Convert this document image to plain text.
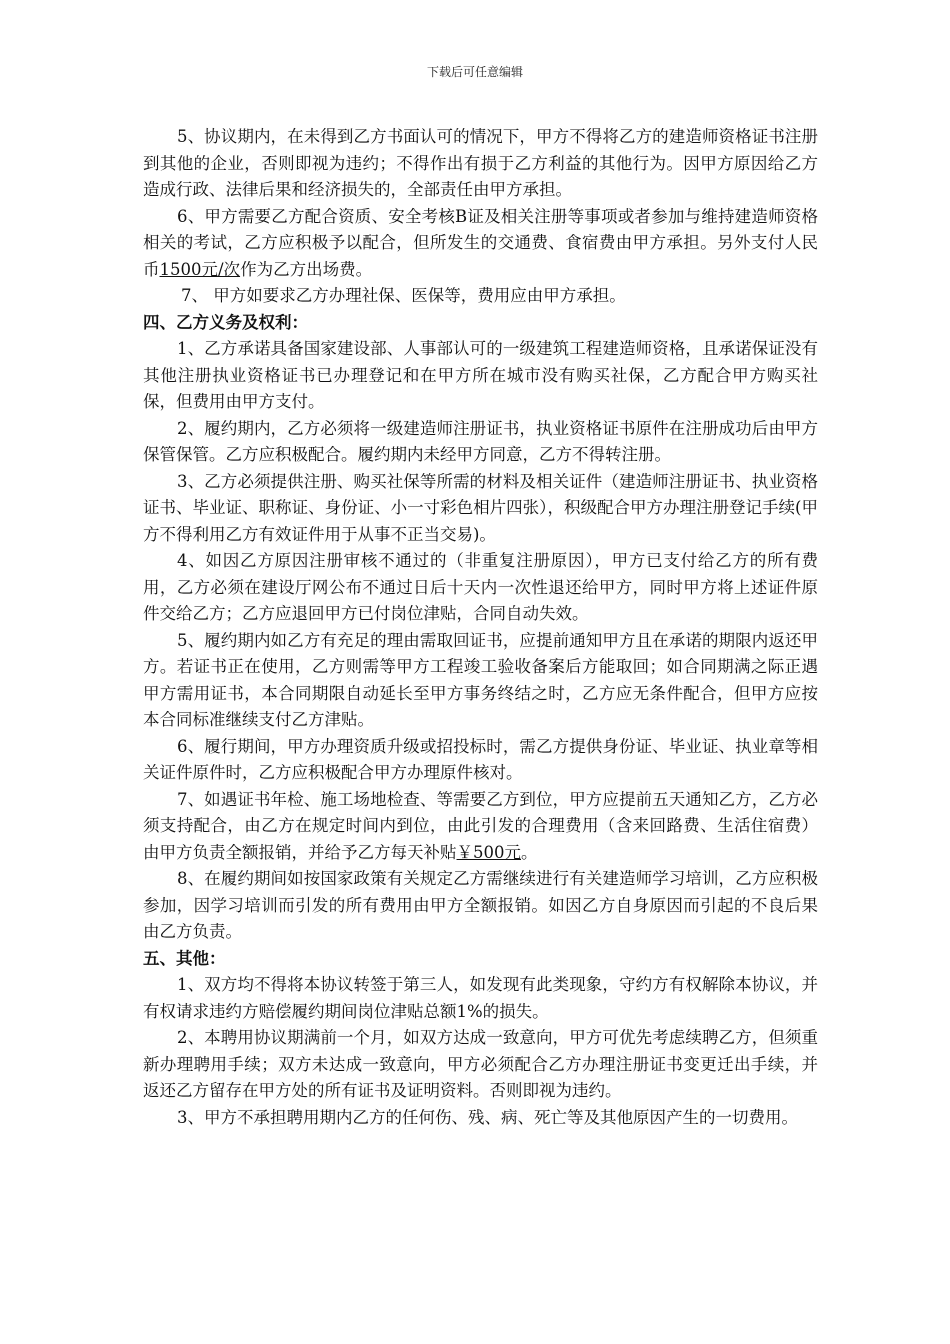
下载后可任意编辑

5、协议期内，在未得到乙方书面认可的情况下，甲方不得将乙方的建造师资格证书注册到其他的企业，否则即视为违约；不得作出有损于乙方利益的其他行为。因甲方原因给乙方造成行政、法律后果和经济损失的，全部责任由甲方承担。

6、甲方需要乙方配合资质、安全考核B证及相关注册等事项或者参加与维持建造师资格相关的考试，乙方应积极予以配合，但所发生的交通费、食宿费由甲方承担。另外支付人民币1500元/次作为乙方出场费。

7、 甲方如要求乙方办理社保、医保等，费用应由甲方承担。

四、乙方义务及权利：

1、乙方承诺具备国家建设部、人事部认可的一级建筑工程建造师资格，且承诺保证没有其他注册执业资格证书已办理登记和在甲方所在城市没有购买社保，乙方配合甲方购买社保，但费用由甲方支付。

2、履约期内，乙方必须将一级建造师注册证书，执业资格证书原件在注册成功后由甲方保管保管。乙方应积极配合。履约期内未经甲方同意，乙方不得转注册。

3、乙方必须提供注册、购买社保等所需的材料及相关证件（建造师注册证书、执业资格证书、毕业证、职称证、身份证、小一寸彩色相片四张），积级配合甲方办理注册登记手续(甲方不得利用乙方有效证件用于从事不正当交易)。

4、如因乙方原因注册审核不通过的（非重复注册原因），甲方已支付给乙方的所有费用，乙方必须在建设厅网公布不通过日后十天内一次性退还给甲方，同时甲方将上述证件原件交给乙方；乙方应退回甲方已付岗位津贴，合同自动失效。

5、履约期内如乙方有充足的理由需取回证书，应提前通知甲方且在承诺的期限内返还甲方。若证书正在使用，乙方则需等甲方工程竣工验收备案后方能取回；如合同期满之际正遇甲方需用证书，本合同期限自动延长至甲方事务终结之时，乙方应无条件配合，但甲方应按本合同标准继续支付乙方津贴。

6、履行期间，甲方办理资质升级或招投标时，需乙方提供身份证、毕业证、执业章等相关证件原件时，乙方应积极配合甲方办理原件核对。

7、如遇证书年检、施工场地检查、等需要乙方到位，甲方应提前五天通知乙方，乙方必须支持配合，由乙方在规定时间内到位，由此引发的合理费用（含来回路费、生活住宿费）由甲方负责全额报销，并给予乙方每天补贴￥500元。

8、在履约期间如按国家政策有关规定乙方需继续进行有关建造师学习培训，乙方应积极参加，因学习培训而引发的所有费用由甲方全额报销。如因乙方自身原因而引起的不良后果由乙方负责。

五、其他：

1、双方均不得将本协议转签于第三人，如发现有此类现象，守约方有权解除本协议，并有权请求违约方赔偿履约期间岗位津贴总额1%的损失。

2、本聘用协议期满前一个月，如双方达成一致意向，甲方可优先考虑续聘乙方，但须重新办理聘用手续；双方未达成一致意向，甲方必须配合乙方办理注册证书变更迁出手续，并返还乙方留存在甲方处的所有证书及证明资料。否则即视为违约。

3、甲方不承担聘用期内乙方的任何伤、残、病、死亡等及其他原因产生的一切费用。
